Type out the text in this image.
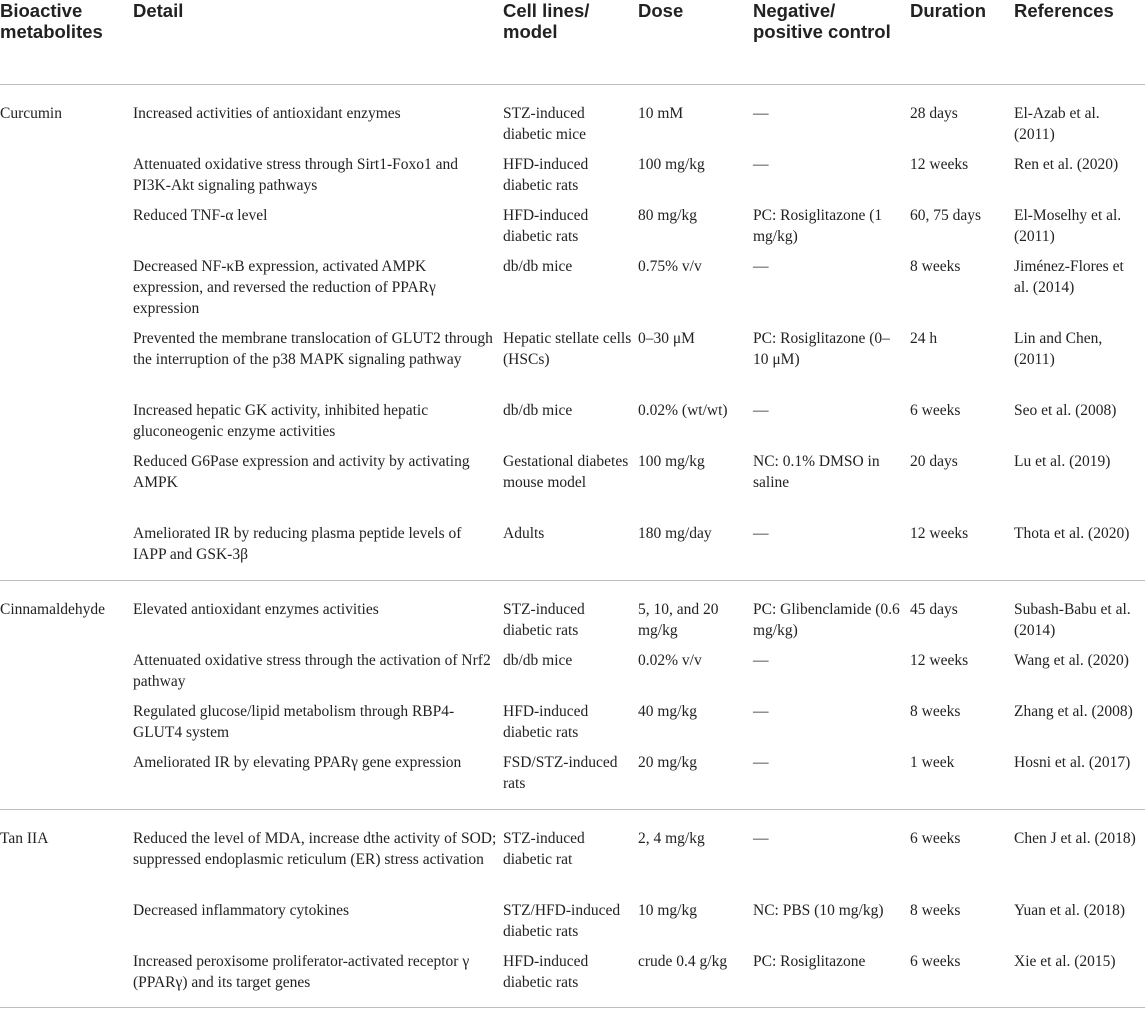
Bioactive metabolites	Detail	Cell lines/ model	Dose	Negative/ positive control	Duration	References
Curcumin	Increased activities of antioxidant enzymes	STZ-induced diabetic mice	10 mM	—	28 days	El-Azab et al. (2011)
	Attenuated oxidative stress through Sirt1-Foxo1 and PI3K-Akt signaling pathways	HFD-induced diabetic rats	100 mg/kg	—	12 weeks	Ren et al. (2020)
	Reduced TNF-α level	HFD-induced diabetic rats	80 mg/kg	PC: Rosiglitazone (1 mg/kg)	60, 75 days	El-Moselhy et al. (2011)
	Decreased NF-κB expression, activated AMPK expression, and reversed the reduction of PPARγ expression	db/db mice	0.75% v/v	—	8 weeks	Jiménez-Flores et al. (2014)
	Prevented the membrane translocation of GLUT2 through the interruption of the p38 MAPK signaling pathway	Hepatic stellate cells (HSCs)	0–30 μM	PC: Rosiglitazone (0–10 μM)	24 h	Lin and Chen, (2011)
	Increased hepatic GK activity, inhibited hepatic gluconeogenic enzyme activities	db/db mice	0.02% (wt/wt)	—	6 weeks	Seo et al. (2008)
	Reduced G6Pase expression and activity by activating AMPK	Gestational diabetes mouse model	100 mg/kg	NC: 0.1% DMSO in saline	20 days	Lu et al. (2019)
	Ameliorated IR by reducing plasma peptide levels of IAPP and GSK-3β	Adults	180 mg/day	—	12 weeks	Thota et al. (2020)

Cinnamaldehyde	Elevated antioxidant enzymes activities	STZ-induced diabetic rats	5, 10, and 20 mg/kg	PC: Glibenclamide (0.6 mg/kg)	45 days	Subash-Babu et al. (2014)
	Attenuated oxidative stress through the activation of Nrf2 pathway	db/db mice	0.02% v/v	—	12 weeks	Wang et al. (2020)
	Regulated glucose/lipid metabolism through RBP4-GLUT4 system	HFD-induced diabetic rats	40 mg/kg	—	8 weeks	Zhang et al. (2008)
	Ameliorated IR by elevating PPARγ gene expression	FSD/STZ-induced rats	20 mg/kg	—	1 week	Hosni et al. (2017)

Tan IIA	Reduced the level of MDA, increase dthe activity of SOD; suppressed endoplasmic reticulum (ER) stress activation	STZ-induced diabetic rat	2, 4 mg/kg	—	6 weeks	Chen J et al. (2018)
	Decreased inflammatory cytokines	STZ/HFD-induced diabetic rats	10 mg/kg	NC: PBS (10 mg/kg)	8 weeks	Yuan et al. (2018)
	Increased peroxisome proliferator-activated receptor γ (PPARγ) and its target genes	HFD-induced diabetic rats	crude 0.4 g/kg	PC: Rosiglitazone	6 weeks	Xie et al. (2015)
